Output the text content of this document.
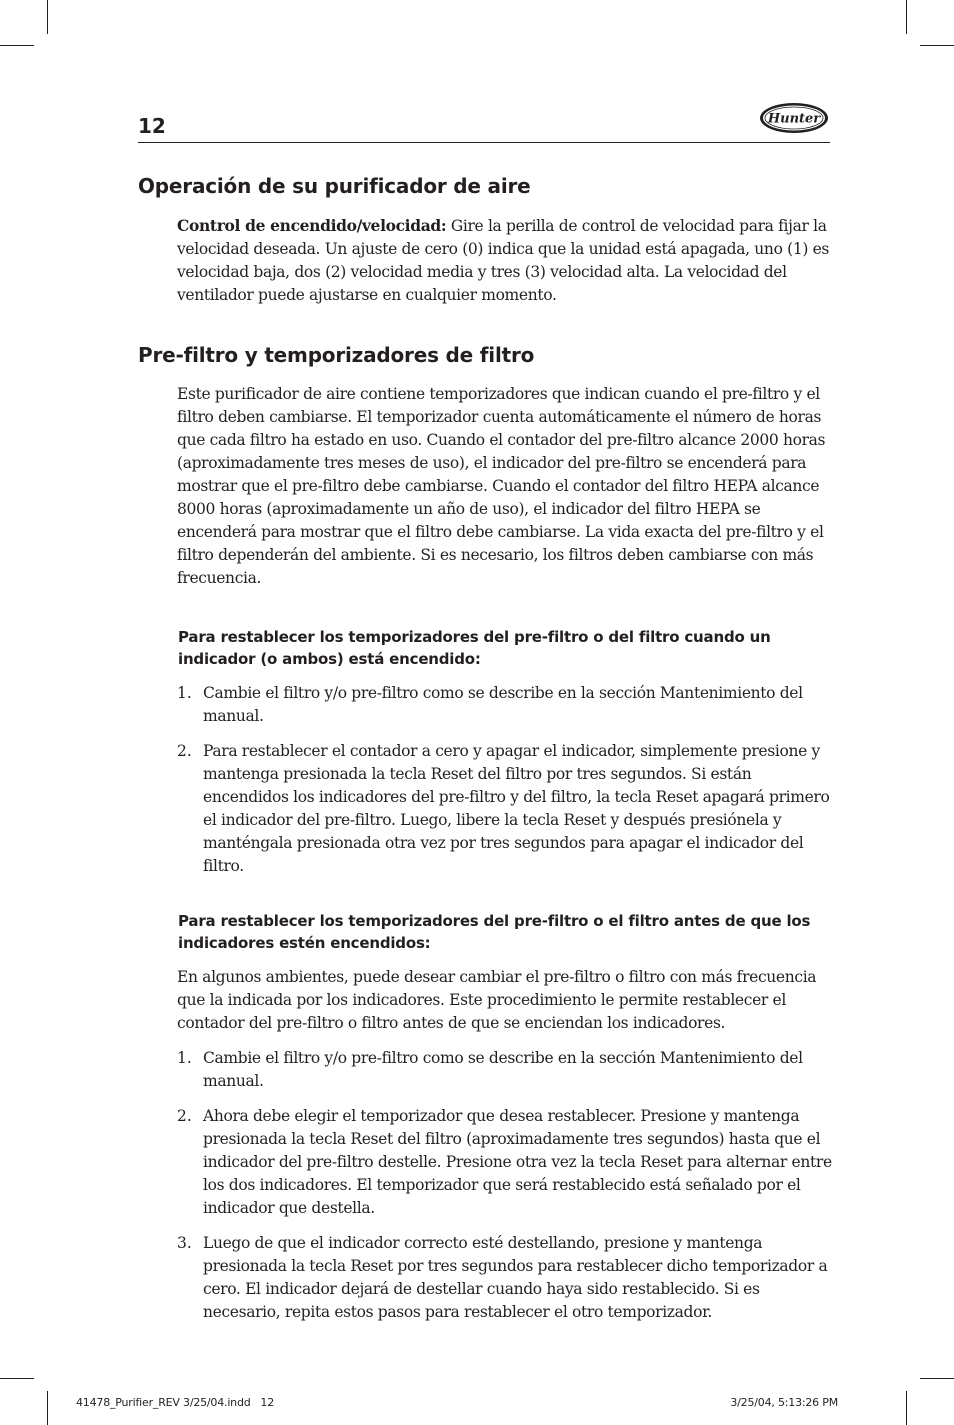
12	Hunter
Operación de su purificador de aire

Control de encendido/velocidad: Gire la perilla de control de velocidad para fijar la velocidad deseada. Un ajuste de cero (0) indica que la unidad está apagada, uno (1) es velocidad baja, dos (2) velocidad media y tres (3) velocidad alta. La velocidad del ventilador puede ajustarse en cualquier momento.

Pre-filtro y temporizadores de filtro

Este purificador de aire contiene temporizadores que indican cuando el pre-filtro y el filtro deben cambiarse. El temporizador cuenta automáticamente el número de horas que cada filtro ha estado en uso. Cuando el contador del pre-filtro alcance 2000 horas (aproximadamente tres meses de uso), el indicador del pre-filtro se encenderá para mostrar que el pre-filtro debe cambiarse. Cuando el contador del filtro HEPA alcance 8000 horas (aproximadamente un año de uso), el indicador del filtro HEPA se encenderá para mostrar que el filtro debe cambiarse. La vida exacta del pre-filtro y el filtro dependerán del ambiente. Si es necesario, los filtros deben cambiarse con más frecuencia.

Para restablecer los temporizadores del pre-filtro o del filtro cuando un indicador (o ambos) está encendido:
1. Cambie el filtro y/o pre-filtro como se describe en la sección Mantenimiento del manual.

2. Para restablecer el contador a cero y apagar el indicador, simplemente presione y mantenga presionada la tecla Reset del filtro por tres segundos. Si están encendidos los indicadores del pre-filtro y del filtro, la tecla Reset apagará primero el indicador del pre-filtro. Luego, libere la tecla Reset y después presiónela y manténgala presionada otra vez por tres segundos para apagar el indicador del filtro.

Para restablecer los temporizadores del pre-filtro o el filtro antes de que los indicadores estén encendidos:

En algunos ambientes, puede desear cambiar el pre-filtro o filtro con más frecuencia que la indicada por los indicadores. Este procedimiento le permite restablecer el contador del pre-filtro o filtro antes de que se enciendan los indicadores.

1. Cambie el filtro y/o pre-filtro como se describe en la sección Mantenimiento del manual.

2. Ahora debe elegir el temporizador que desea restablecer. Presione y mantenga presionada la tecla Reset del filtro (aproximadamente tres segundos) hasta que el indicador del pre-filtro destelle. Presione otra vez la tecla Reset para alternar entre los dos indicadores. El temporizador que será restablecido está señalado por el indicador que destella.

3. Luego de que el indicador correcto esté destellando, presione y mantenga presionada la tecla Reset por tres segundos para restablecer dicho temporizador a cero. El indicador dejará de destellar cuando haya sido restablecido. Si es necesario, repita estos pasos para restablecer el otro temporizador.

41478_Purifier_REV 3/25/04.indd   12	3/25/04, 5:13:26 PM
